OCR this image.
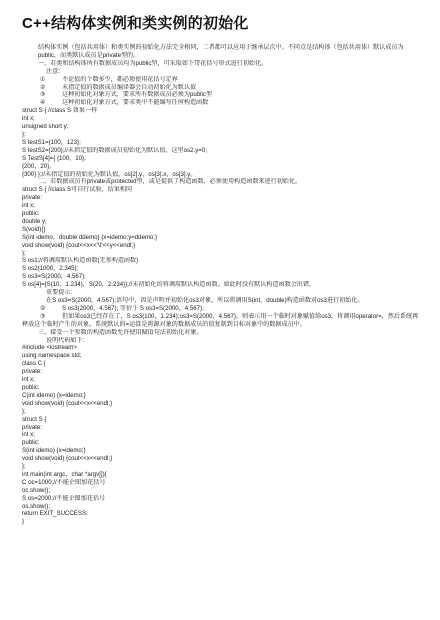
C++结构体实例和类实例的初始化
结构体实例（包括共用体）和类实例的初始化方法完全相同，二者都可以应用于继承层次中。不同点是结构体（包括共用体）默认成员为public，而类默认成员是private型的。
一、若类和结构体所有数据成员均为public型，可采取如下带花括号形式进行初始化。
注意：
①	不论值的个数多少，都必须使用花括号定界
②	未指定值的数据成员编译器会自动初始化为默认值
③	这种初始化对象方式，要求所有数据成员必须为public型
④	这种初始化对象方式，要求类中不能编写任何构造函数
struct S { //class S 效果一样
int x;
unsigned short y;
};
S testS1={100，123};
S testS2={200};//未指定值的数据成员初始化为默认值，这里os2.y=0;
S TestS[4]={ {100，10}，
{200，20}，
{300} };//未指定值的初始化为默认值，os[2].y，os[3].x，os[3].y。
二、若数据成员有private或protected型，或是提供了构造函数，必须使用构造函数来进行初始化。
struct S { //class S可自行试验，结果相同
private:
int x;
public:
double y;
S(void){}
S(int idemo，double ddemo) {x=idemo;y=ddemo;}
void show(void) {cout<<x<<'\t'<<y<<endl;}
};
S os1;//将调用默认构造函数(无参构造函数)
S os2(1000，2.345);
S os3=S(2000，4.567);
S os[4]={S(10，1.234)，S(20，2.234)};//未初始化的将调用默认构造函数。如此时没有默认构造函数会出错。
重要提示：
在S os3=S(2000，4.567);语句中，因是声明并初始化os3对象，所以将调用S(int，double)构造函数对os3进行初始化。
②	S os3(2000，4.567); 等价于 S os3=S(2000，4.567);
③	但如果os3已经存在了，S os3(100，1.234);os3=S(2000，4.567)，则表示用一个临时对象赋值给os3，将调用operator=，然后系统再释放这个临时产生的对象。系统默认的=运算是将源对象的数据成员的值复制到目标对象中的数据成员中。
三、接受一个参数的构造函数允许使用赋值句法初始化对象。
说明代码如下：
#include <iostream>
using namespace std;
class C {
private:
int x;
public:
C(int idemo) {x=idemo;}
void show(void) {cout<<x<<endl;}
};
struct S {
private:
int x;
public:
S(int idemo) {x=idemo;}
void show(void) {cout<<x<<endl;}
};
int main(int argc，char *argv[]){
C oc=1000;//不能企图加花括号
oc.show();
S os=2000;//不能企图加花括号
os.show();
return EXIT_SUCCESS;
}
